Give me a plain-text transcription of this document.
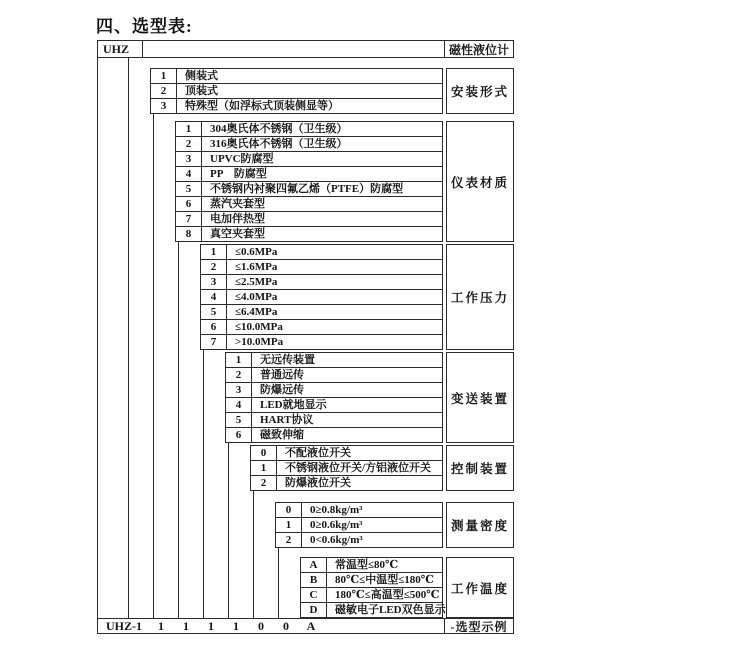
四、选型表:
UHZ	磁性液位计
1	侧装式
2	顶装式
3	特殊型（如浮标式顶装侧显等）
安装形式
1	304奥氏体不锈钢（卫生级）
2	316奥氏体不锈钢（卫生级）
3	UPVC防腐型
4	PP　防腐型
5	不锈钢内衬聚四氟乙烯（PTFE）防腐型
6	蒸汽夹套型
7	电加伴热型
8	真空夹套型
仪表材质
1	≤0.6MPa
2	≤1.6MPa
3	≤2.5MPa
4	≤4.0MPa
5	≤6.4MPa
6	≤10.0MPa
7	>10.0MPa
工作压力
1	无远传装置
2	普通远传
3	防爆远传
4	LED就地显示
5	HART协议
6	磁致伸缩
变送装置
0	不配液位开关
1	不锈钢液位开关/方铝液位开关
2	防爆液位开关
控制装置
0	0≥0.8kg/m³
1	0≥0.6kg/m³
2	0<0.6kg/m³
测量密度
A	常温型≤80℃
B	80℃≤中温型≤180℃
C	180℃≤高温型≤500℃
D	磁敏电子LED双色显示
工作温度
UHZ-1 1 1 1 1 0 0 A	-选型示例
